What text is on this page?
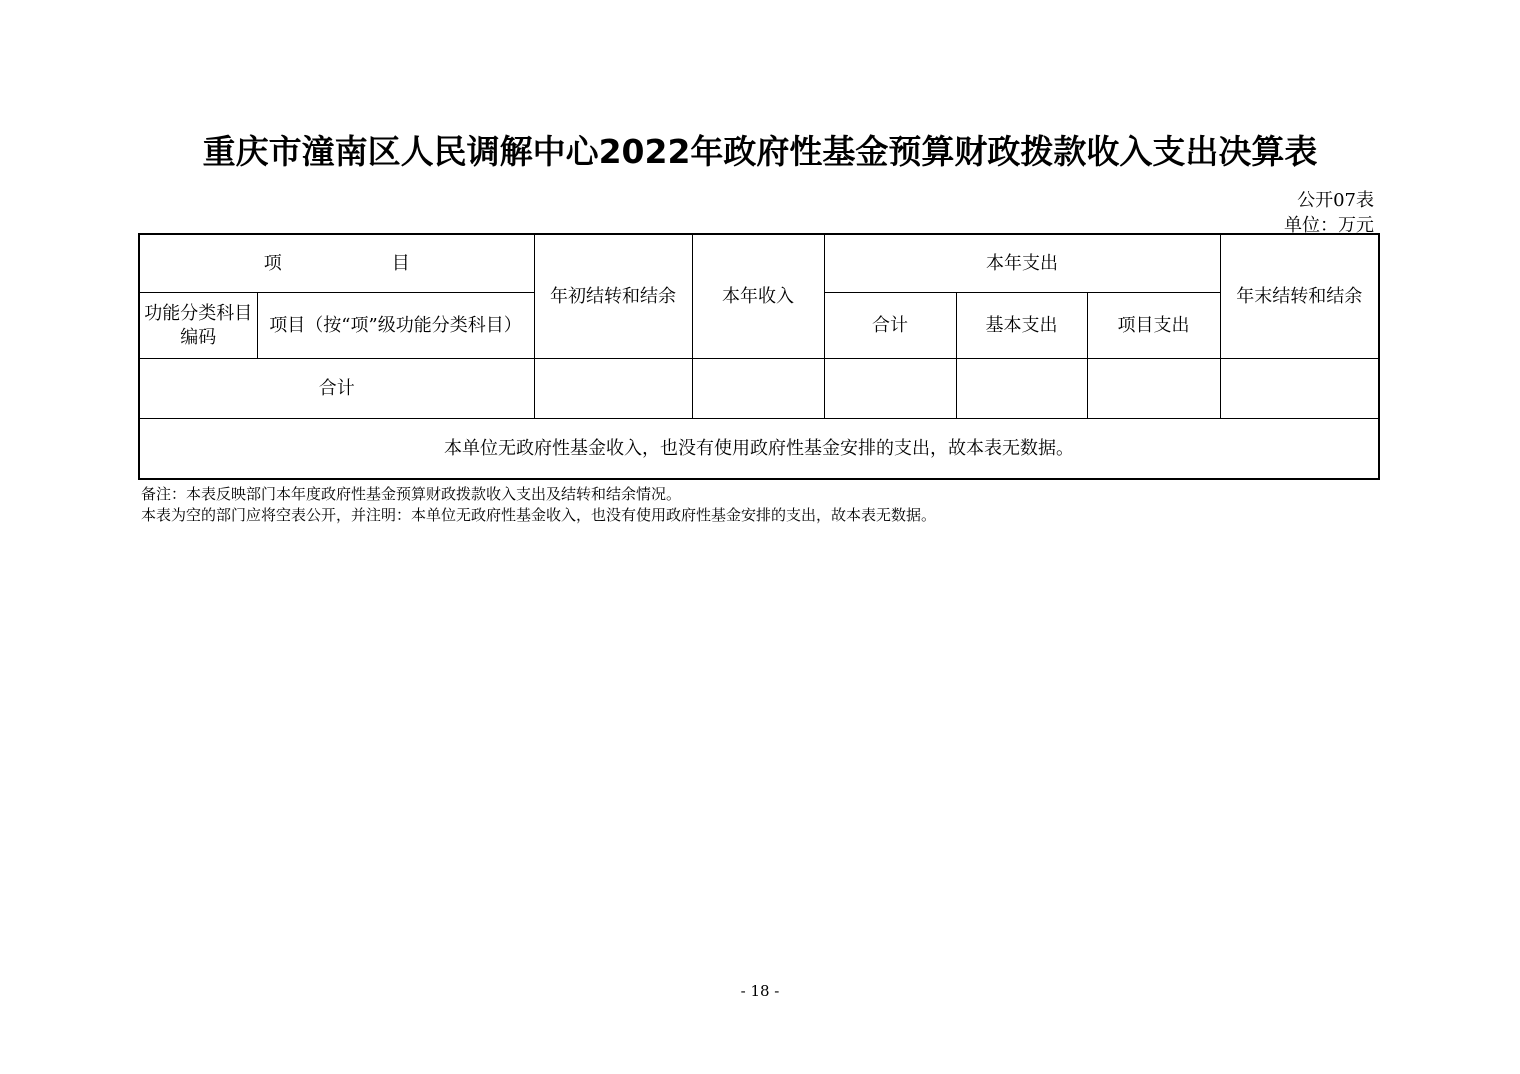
重庆市潼南区人民调解中心2022年政府性基金预算财政拨款收入支出决算表
公开07表
单位：万元
项 目		年初结转和结余	本年收入	本年支出			年末结转和结余
功能分类科目编码	项目（按“项”级功能分类科目）			合计	基本支出	项目支出	
合计							
本单位无政府性基金收入，也没有使用政府性基金安排的支出，故本表无数据。							
备注：本表反映部门本年度政府性基金预算财政拨款收入支出及结转和结余情况。
本表为空的部门应将空表公开，并注明：本单位无政府性基金收入，也没有使用政府性基金安排的支出，故本表无数据。
- 18 -
